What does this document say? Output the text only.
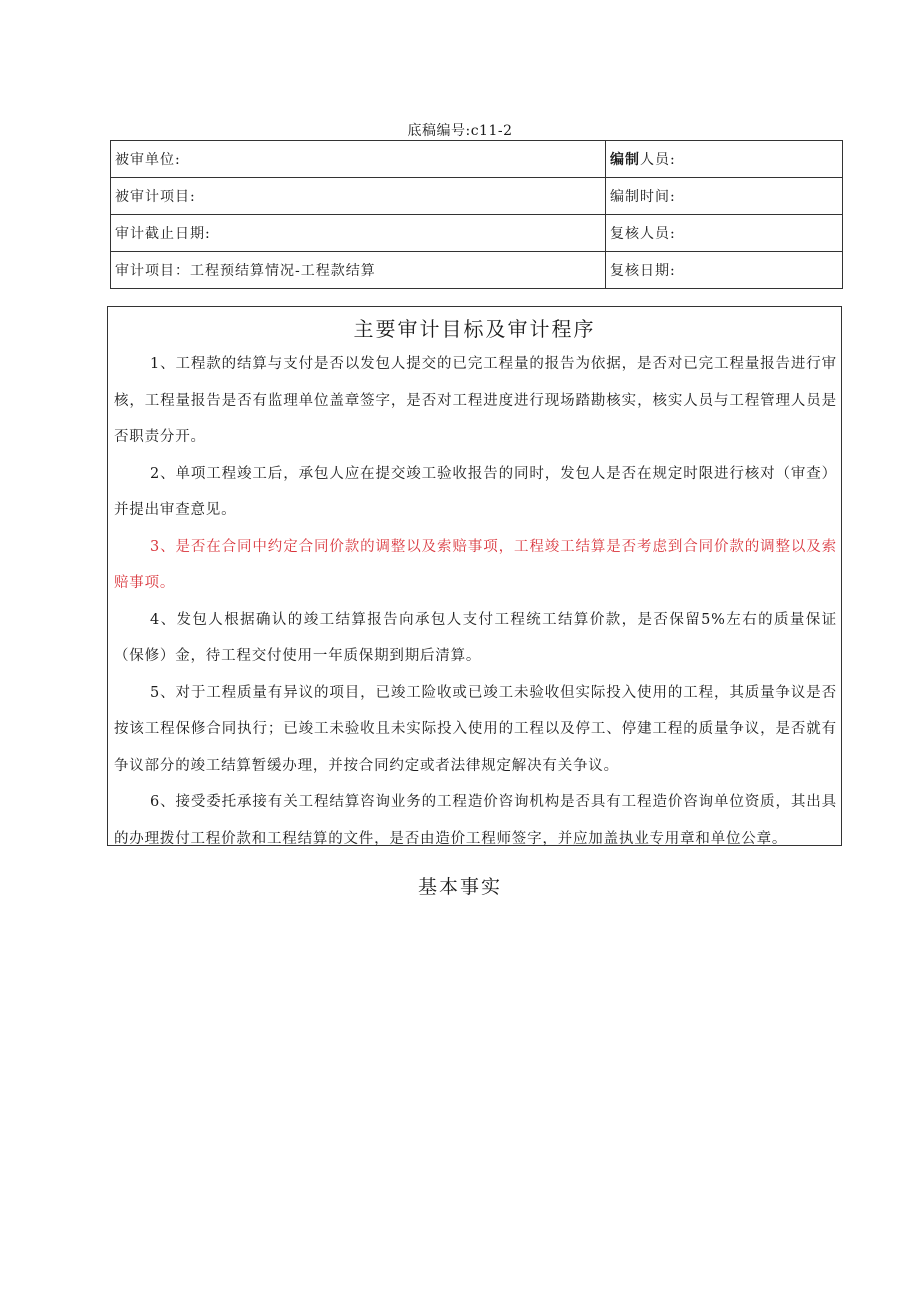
底稿编号:c11-2
被审单位:	编制人员:
被审计项目:	编制时间:
审计截止日期:	复核人员:
审计项目：工程预结算情况-工程款结算	复核日期:
主要审计目标及审计程序

1、工程款的结算与支付是否以发包人提交的已完工程量的报告为依据，是否对已完工程量报告进行审核，工程量报告是否有监理单位盖章签字，是否对工程进度进行现场踏勘核实，核实人员与工程管理人员是否职责分开。

2、单项工程竣工后，承包人应在提交竣工验收报告的同时，发包人是否在规定时限进行核对（审查）并提出审查意见。

3、是否在合同中约定合同价款的调整以及索赔事项，工程竣工结算是否考虑到合同价款的调整以及索赔事项。

4、发包人根据确认的竣工结算报告向承包人支付工程统工结算价款，是否保留5%左右的质量保证（保修）金，待工程交付使用一年质保期到期后清算。

5、对于工程质量有异议的项目，已竣工险收或已竣工未验收但实际投入使用的工程，其质量争议是否按该工程保修合同执行；已竣工未验收且未实际投入使用的工程以及停工、停建工程的质量争议，是否就有争议部分的竣工结算暂缓办理，并按合同约定或者法律规定解决有关争议。

6、接受委托承接有关工程结算咨询业务的工程造价咨询机构是否具有工程造价咨询单位资质，其出具的办理拨付工程价款和工程结算的文件，是否由造价工程师签字，并应加盖执业专用章和单位公章。

基本事实
